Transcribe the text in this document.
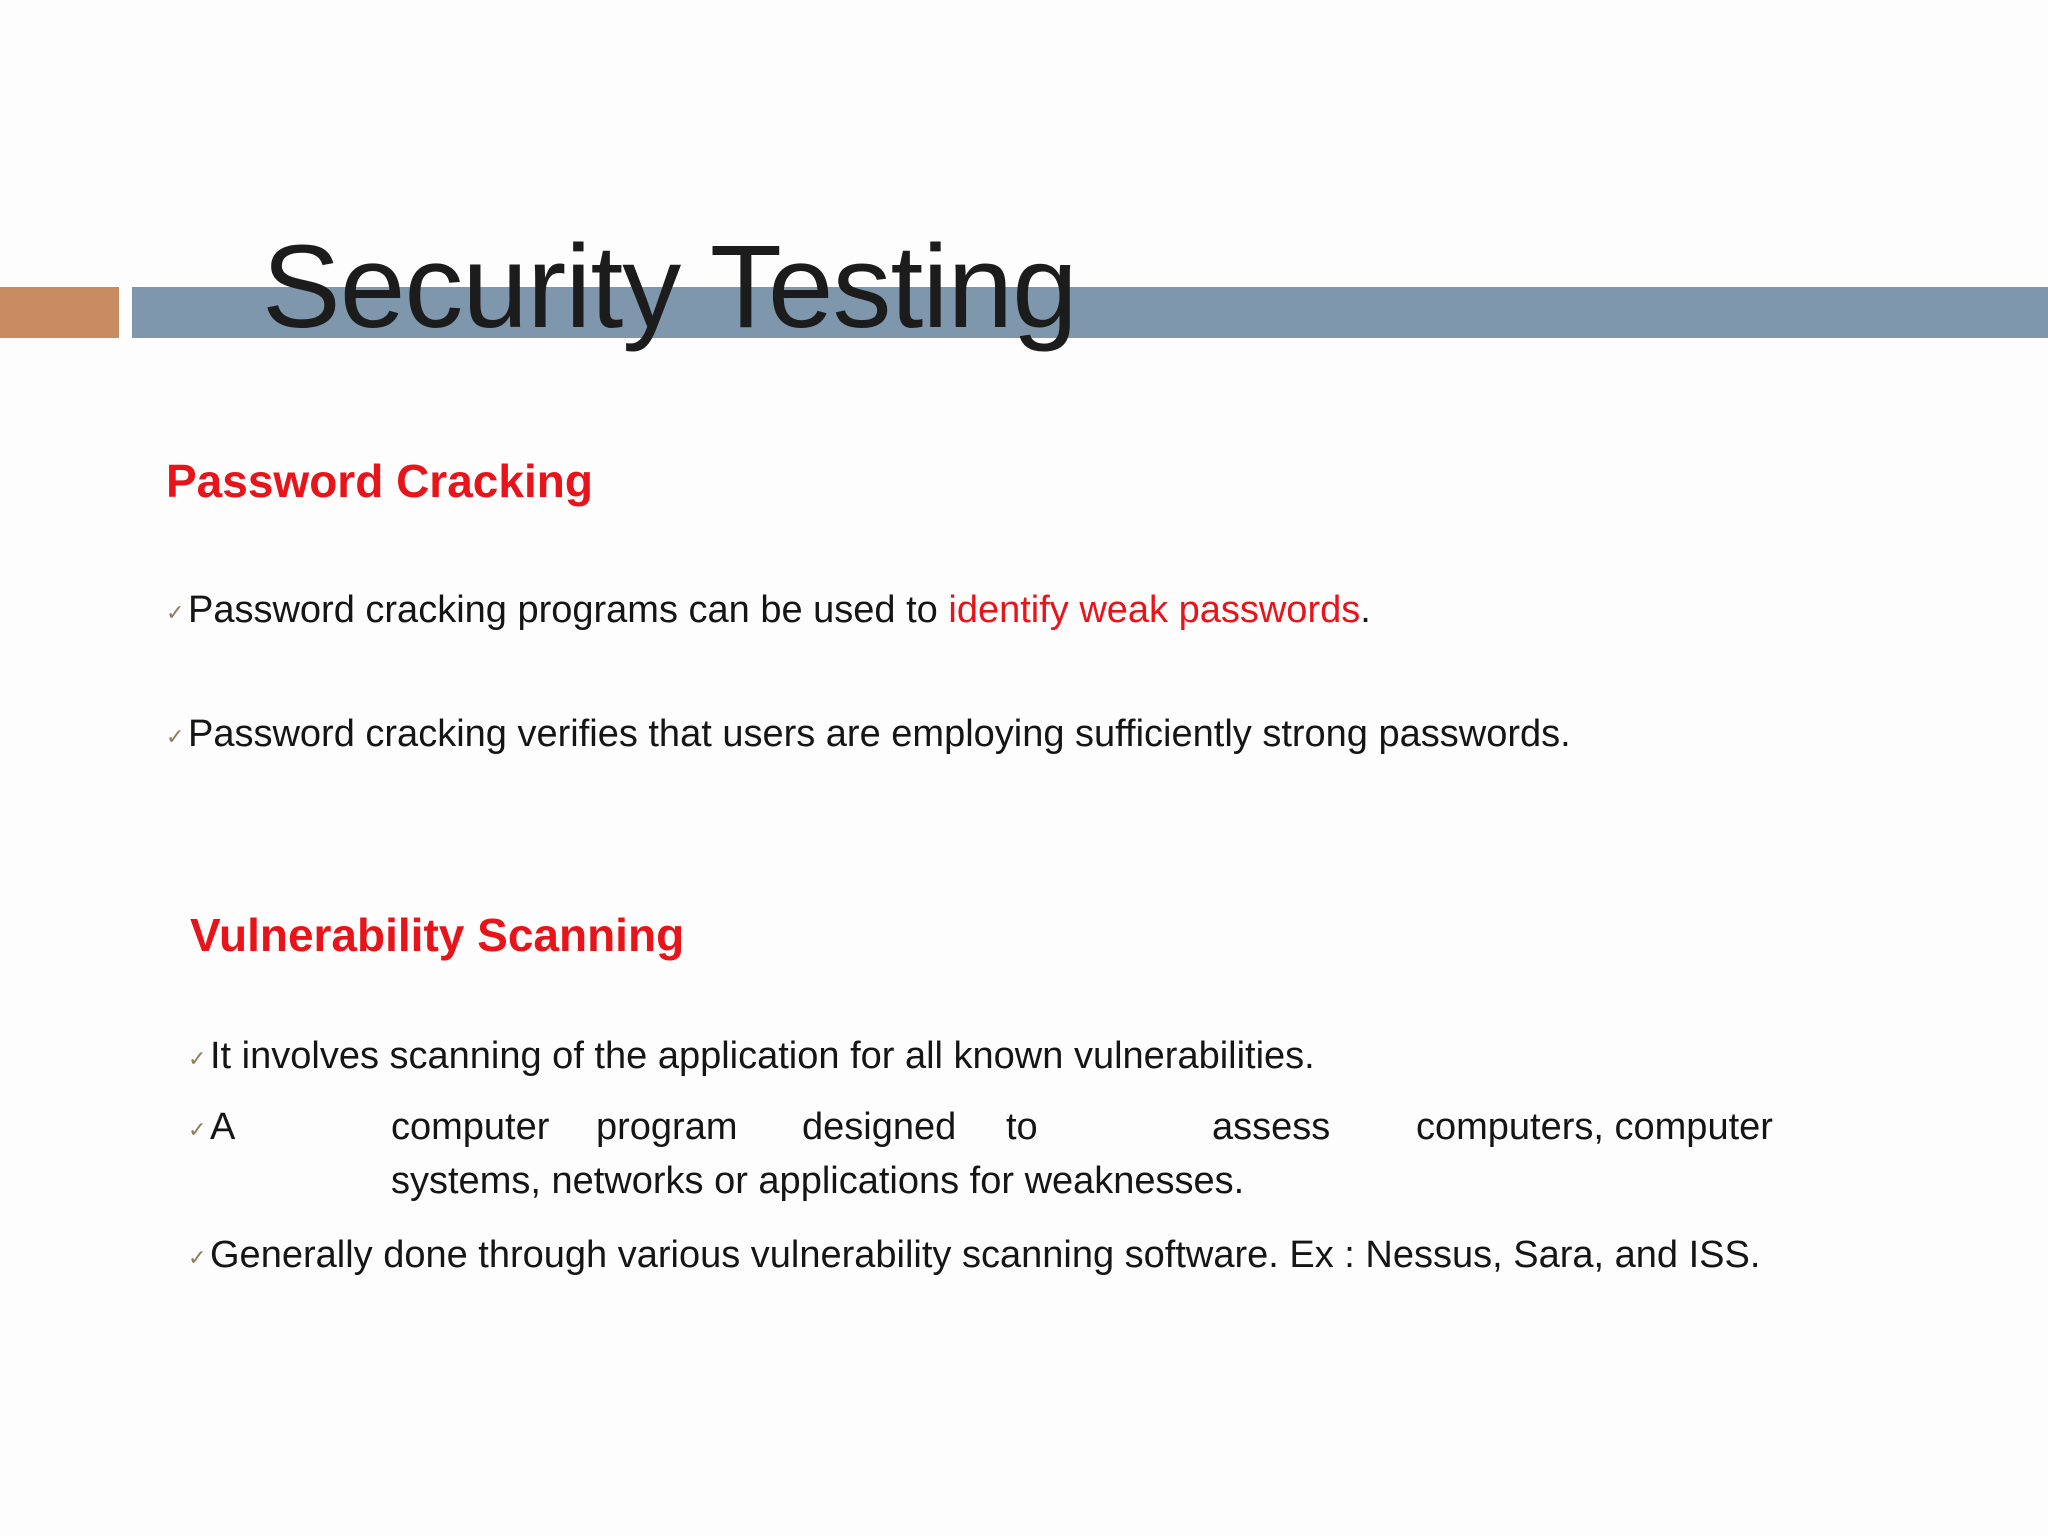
Security Testing
Password Cracking

✓Password cracking programs can be used to identify weak passwords.

✓Password cracking verifies that users are employing sufficiently strong passwords.

Vulnerability Scanning

✓It involves scanning of the application for all known vulnerabilities.

✓A	computer program designed to	assess computers, computer
systems, networks or applications for weaknesses.

✓Generally done through various vulnerability scanning software. Ex : Nessus, Sara, and ISS.
